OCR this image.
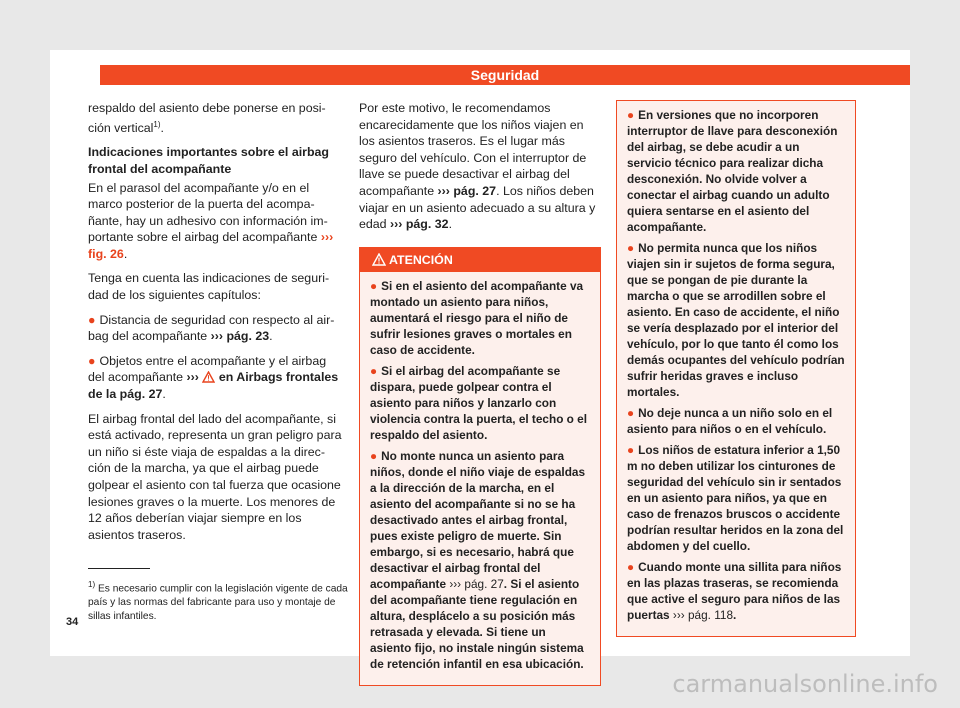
Seguridad

respaldo del asiento debe ponerse en posición vertical$^{1)}$.

Indicaciones importantes sobre el airbag frontal del acompañante

En el parasol del acompañante y/o en el marco posterior de la puerta del acompañante, hay un adhesivo con información importante sobre el airbag del acompañante ››› fig. 26.

Tenga en cuenta las indicaciones de seguridad de los siguientes capítulos:

● Distancia de seguridad con respecto al airbag del acompañante ››› pág. 23.

● Objetos entre el acompañante y el airbag del acompañante ››› en Airbags frontales de la pág. 27.

El airbag frontal del lado del acompañante, si está activado, representa un gran peligro para un niño si éste viaja de espaldas a la dirección de la marcha, ya que el airbag puede golpear el asiento con tal fuerza que ocasione lesiones graves o la muerte. Los menores de 12 años deberían viajar siempre en los asientos traseros.

Por este motivo, le recomendamos encarecidamente que los niños viajen en los asientos traseros. Es el lugar más seguro del vehículo. Con el interruptor de llave se puede desactivar el airbag del acompañante ››› pág. 27. Los niños deben viajar en un asiento adecuado a su altura y edad ››› pág. 32.

ATENCIÓN

● Si en el asiento del acompañante va montado un asiento para niños, aumentará el riesgo para el niño de sufrir lesiones graves o mortales en caso de accidente.

● Si el airbag del acompañante se dispara, puede golpear contra el asiento para niños y lanzarlo con violencia contra la puerta, el techo o el respaldo del asiento.

● No monte nunca un asiento para niños, donde el niño viaje de espaldas a la dirección de la marcha, en el asiento del acompañante si no se ha desactivado antes el airbag frontal, pues existe peligro de muerte. Sin embargo, si es necesario, habrá que desactivar el airbag frontal del acompañante ››› pág. 27. Si el asiento del acompañante tiene regulación en altura, desplácelo a su posición más retrasada y elevada. Si tiene un asiento fijo, no instale ningún sistema de retención infantil en esa ubicación.

● En versiones que no incorporen interruptor de llave para desconexión del airbag, se debe acudir a un servicio técnico para realizar dicha desconexión. No olvide volver a conectar el airbag cuando un adulto quiera sentarse en el asiento del acompañante.

● No permita nunca que los niños viajen sin ir sujetos de forma segura, que se pongan de pie durante la marcha o que se arrodillen sobre el asiento. En caso de accidente, el niño se vería desplazado por el interior del vehículo, por lo que tanto él como los demás ocupantes del vehículo podrían sufrir heridas graves e incluso mortales.

● No deje nunca a un niño solo en el asiento para niños o en el vehículo.

● Los niños de estatura inferior a 1,50 m no deben utilizar los cinturones de seguridad del vehículo sin ir sentados en un asiento para niños, ya que en caso de frenazos bruscos o accidente podrían resultar heridos en la zona del abdomen y del cuello.

● Cuando monte una sillita para niños en las plazas traseras, se recomienda que active el seguro para niños de las puertas ››› pág. 118.

$^{1)}$ Es necesario cumplir con la legislación vigente de cada país y las normas del fabricante para uso y montaje de sillas infantiles.
34
carmanualsonline.info
